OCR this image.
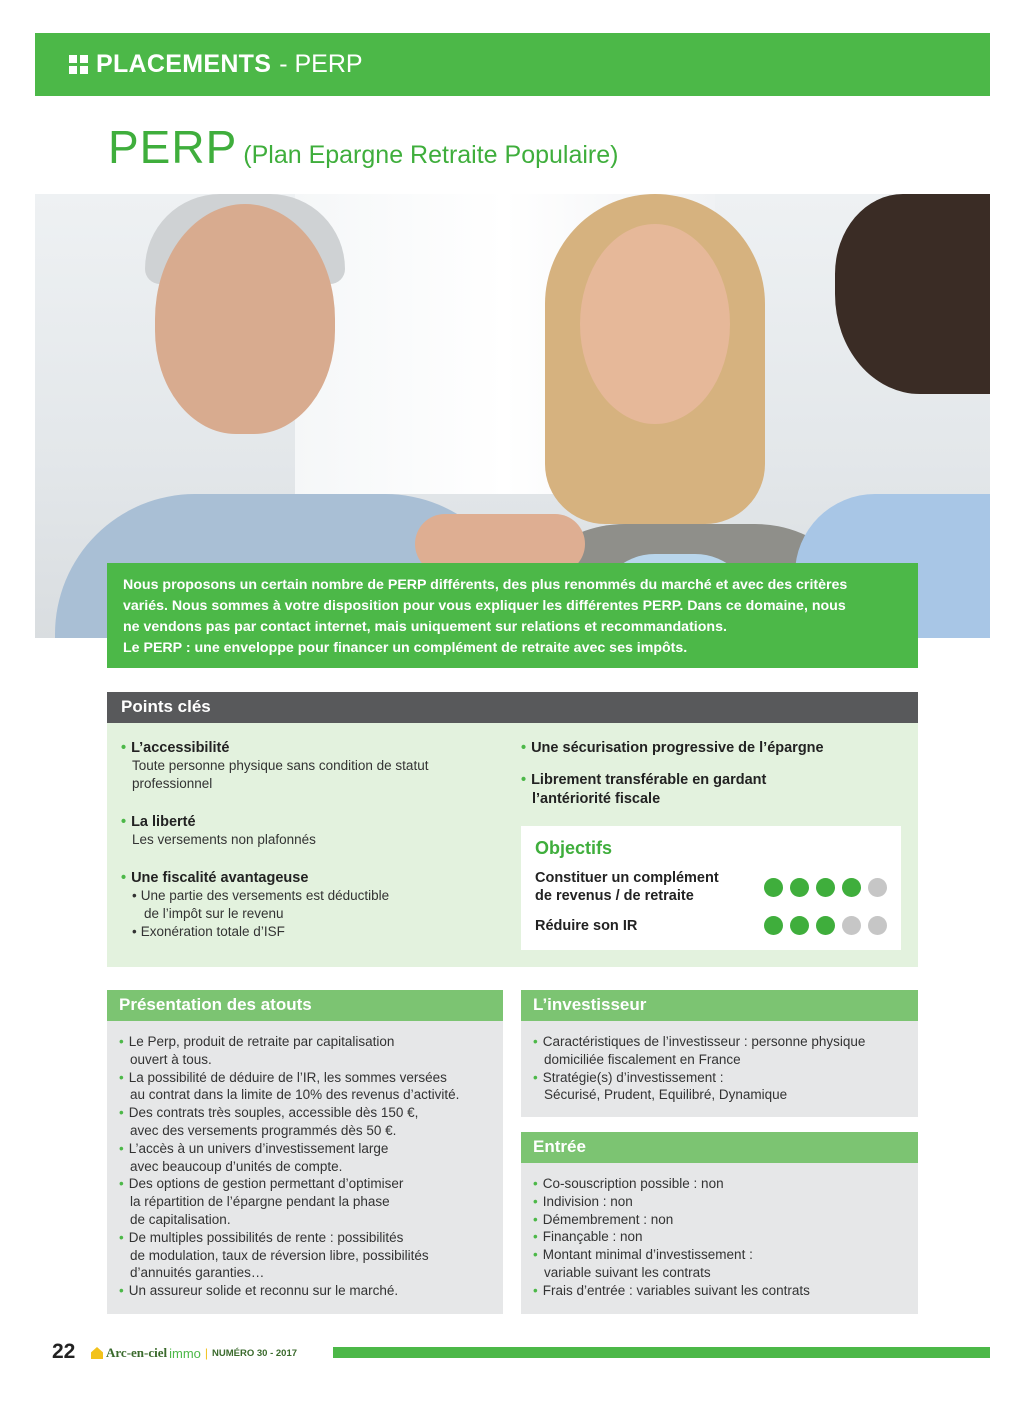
PLACEMENTS - PERP
PERP (Plan Epargne Retraite Populaire)

Nous proposons un certain nombre de PERP différents, des plus renommés du marché et avec des critères

variés. Nous sommes à votre disposition pour vous expliquer les différentes PERP. Dans ce domaine, nous

ne vendons pas par contact internet, mais uniquement sur relations et recommandations.

Le PERP : une enveloppe pour financer un complément de retraite avec ses impôts.

Points clés
• L’accessibilité
Toute personne physique sans condition de statut
professionnel
• La liberté
Les versements non plafonnés
• Une fiscalité avantageuse
• Une partie des versements est déductible
de l’impôt sur le revenu
• Exonération totale d’ISF
• Une sécurisation progressive de l’épargne
• Librement transférable en gardant
l’antériorité fiscale
Objectifs
Constituer un complément
de revenus / de retraite
Réduire son IR
Présentation des atouts
• Le Perp, produit de retraite par capitalisation
ouvert à tous.
• La possibilité de déduire de l’IR, les sommes versées
au contrat dans la limite de 10% des revenus d’activité.
• Des contrats très souples, accessible dès 150 €,
avec des versements programmés dès 50 €.
• L’accès à un univers d’investissement large
avec beaucoup d’unités de compte.
• Des options de gestion permettant d’optimiser
la répartition de l’épargne pendant la phase
de capitalisation.
• De multiples possibilités de rente : possibilités
de modulation, taux de réversion libre, possibilités
d’annuités garanties…
• Un assureur solide et reconnu sur le marché.
L’investisseur
• Caractéristiques de l’investisseur : personne physique
domiciliée fiscalement en France
• Stratégie(s) d’investissement :
Sécurisé, Prudent, Equilibré, Dynamique
Entrée
• Co-souscription possible : non
• Indivision : non
• Démembrement : non
• Finançable : non
• Montant minimal d’investissement :
variable suivant les contrats
• Frais d’entrée : variables suivant les contrats
22 Arc-en-ciel immo | NUMÉRO 30 - 2017
